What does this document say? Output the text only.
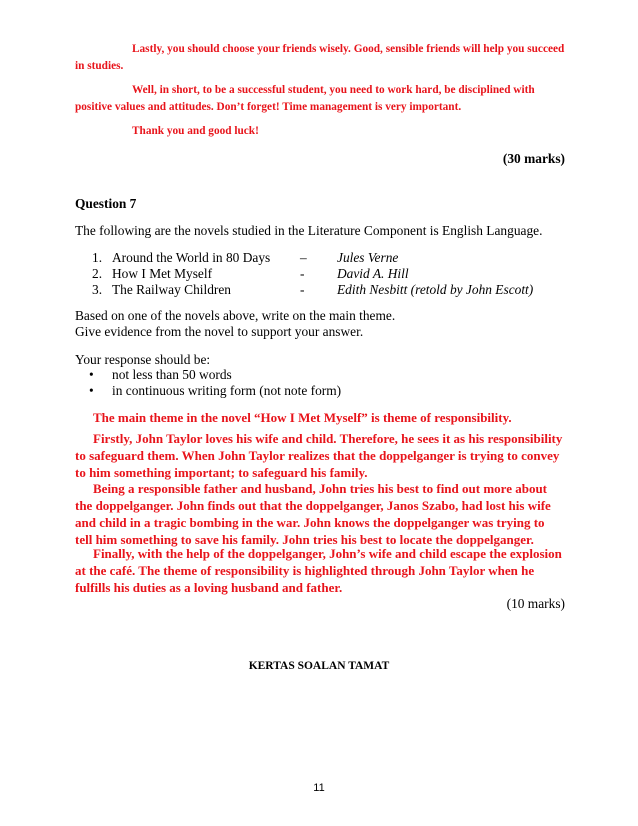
Lastly, you should choose your friends wisely. Good, sensible friends will help you succeed in studies.

Well, in short, to be a successful student, you need to work hard, be disciplined with positive values and attitudes. Don’t forget! Time management is very important.

Thank you and good luck!

(30 marks)

Question 7

The following are the novels studied in the Literature Component is English Language.

1. Around the World in 80 Days – Jules Verne
2. How I Met Myself	- David A. Hill
3. The Railway Children	- Edith Nesbitt (retold by John Escott)

Based on one of the novels above, write on the main theme.

Give evidence from the novel to support your answer.

Your response should be:

• not less than 50 words
• in continuous writing form (not note form)

The main theme in the novel “How I Met Myself” is theme of responsibility.

Firstly, John Taylor loves his wife and child. Therefore, he sees it as his responsibility to safeguard them. When John Taylor realizes that the doppelganger is trying to convey to him something important; to safeguard his family.

Being a responsible father and husband, John tries his best to find out more about the doppelganger. John finds out that the doppelganger, Janos Szabo, had lost his wife and child in a tragic bombing in the war. John knows the doppelganger was trying to tell him something to save his family. John tries his best to locate the doppelganger.

Finally, with the help of the doppelganger, John’s wife and child escape the explosion at the café. The theme of responsibility is highlighted through John Taylor when he fulfills his duties as a loving husband and father.

(10 marks)

KERTAS SOALAN TAMAT

11
